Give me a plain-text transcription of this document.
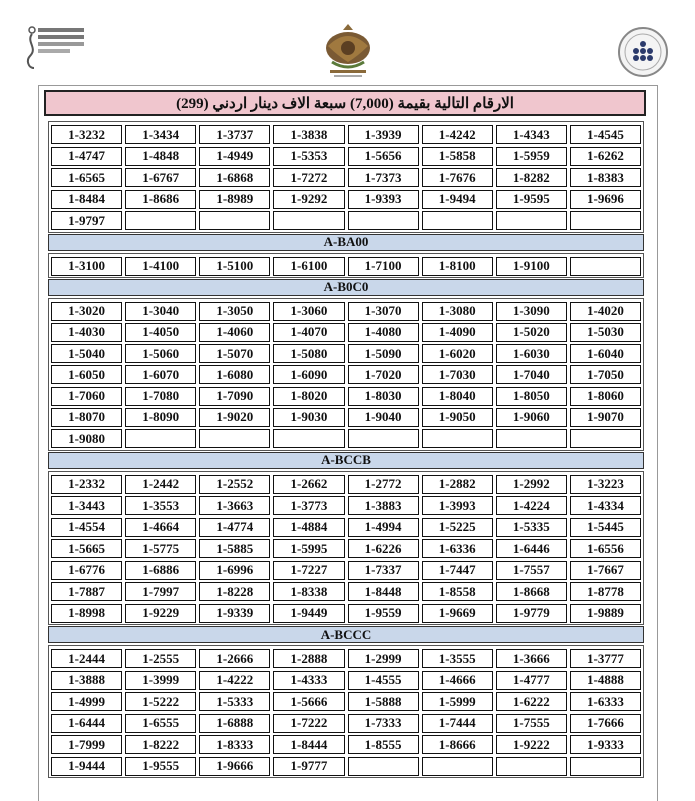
الارقام التالية بقيمة (7,000) سبعة الاف دينار اردني (299)
1-3232	1-3434	1-3737	1-3838	1-3939	1-4242	1-4343	1-4545
1-4747	1-4848	1-4949	1-5353	1-5656	1-5858	1-5959	1-6262
1-6565	1-6767	1-6868	1-7272	1-7373	1-7676	1-8282	1-8383
1-8484	1-8686	1-8989	1-9292	1-9393	1-9494	1-9595	1-9696
1-9797
A-BA00
1-3100	1-4100	1-5100	1-6100	1-7100	1-8100	1-9100
A-B0C0
1-3020	1-3040	1-3050	1-3060	1-3070	1-3080	1-3090	1-4020
1-4030	1-4050	1-4060	1-4070	1-4080	1-4090	1-5020	1-5030
1-5040	1-5060	1-5070	1-5080	1-5090	1-6020	1-6030	1-6040
1-6050	1-6070	1-6080	1-6090	1-7020	1-7030	1-7040	1-7050
1-7060	1-7080	1-7090	1-8020	1-8030	1-8040	1-8050	1-8060
1-8070	1-8090	1-9020	1-9030	1-9040	1-9050	1-9060	1-9070
1-9080
A-BCCB
1-2332	1-2442	1-2552	1-2662	1-2772	1-2882	1-2992	1-3223
1-3443	1-3553	1-3663	1-3773	1-3883	1-3993	1-4224	1-4334
1-4554	1-4664	1-4774	1-4884	1-4994	1-5225	1-5335	1-5445
1-5665	1-5775	1-5885	1-5995	1-6226	1-6336	1-6446	1-6556
1-6776	1-6886	1-6996	1-7227	1-7337	1-7447	1-7557	1-7667
1-7887	1-7997	1-8228	1-8338	1-8448	1-8558	1-8668	1-8778
1-8998	1-9229	1-9339	1-9449	1-9559	1-9669	1-9779	1-9889
A-BCCC
1-2444	1-2555	1-2666	1-2888	1-2999	1-3555	1-3666	1-3777
1-3888	1-3999	1-4222	1-4333	1-4555	1-4666	1-4777	1-4888
1-4999	1-5222	1-5333	1-5666	1-5888	1-5999	1-6222	1-6333
1-6444	1-6555	1-6888	1-7222	1-7333	1-7444	1-7555	1-7666
1-7999	1-8222	1-8333	1-8444	1-8555	1-8666	1-9222	1-9333
1-9444	1-9555	1-9666	1-9777
